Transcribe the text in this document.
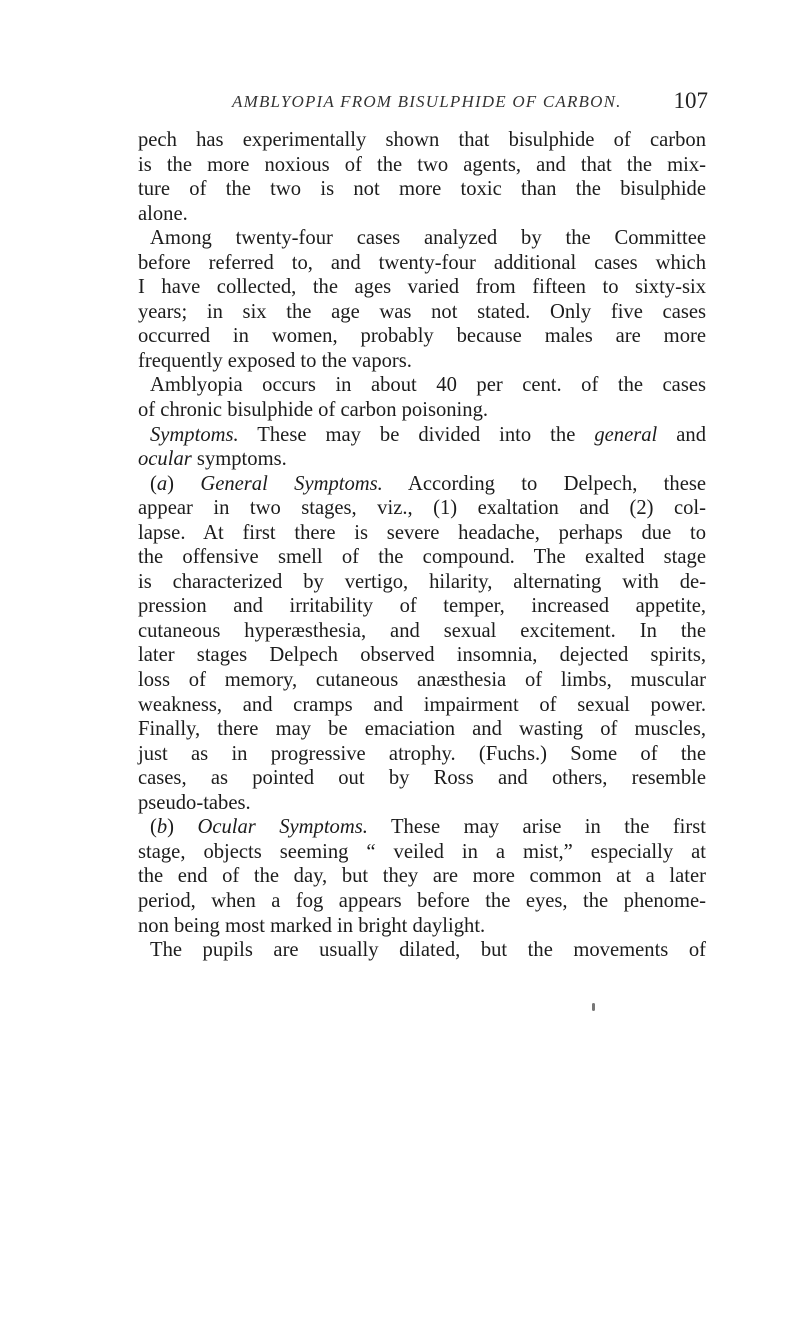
AMBLYOPIA FROM BISULPHIDE OF CARBON. 107
pech has experimentally shown that bisulphide of carbon
is the more noxious of the two agents, and that the mix-
ture of the two is not more toxic than the bisulphide
alone.
Among twenty-four cases analyzed by the Committee
before referred to, and twenty-four additional cases which
I have collected, the ages varied from fifteen to sixty-six
years; in six the age was not stated. Only five cases
occurred in women, probably because males are more
frequently exposed to the vapors.
Amblyopia occurs in about 40 per cent. of the cases
of chronic bisulphide of carbon poisoning.
Symptoms. These may be divided into the general and
ocular symptoms.
(a) General Symptoms. According to Delpech, these
appear in two stages, viz., (1) exaltation and (2) col-
lapse. At first there is severe headache, perhaps due to
the offensive smell of the compound. The exalted stage
is characterized by vertigo, hilarity, alternating with de-
pression and irritability of temper, increased appetite,
cutaneous hyperæsthesia, and sexual excitement. In the
later stages Delpech observed insomnia, dejected spirits,
loss of memory, cutaneous anæsthesia of limbs, muscular
weakness, and cramps and impairment of sexual power.
Finally, there may be emaciation and wasting of muscles,
just as in progressive atrophy. (Fuchs.) Some of the
cases, as pointed out by Ross and others, resemble
pseudo-tabes.
(b) Ocular Symptoms. These may arise in the first
stage, objects seeming “ veiled in a mist,” especially at
the end of the day, but they are more common at a later
period, when a fog appears before the eyes, the phenome-
non being most marked in bright daylight.
The pupils are usually dilated, but the movements of
